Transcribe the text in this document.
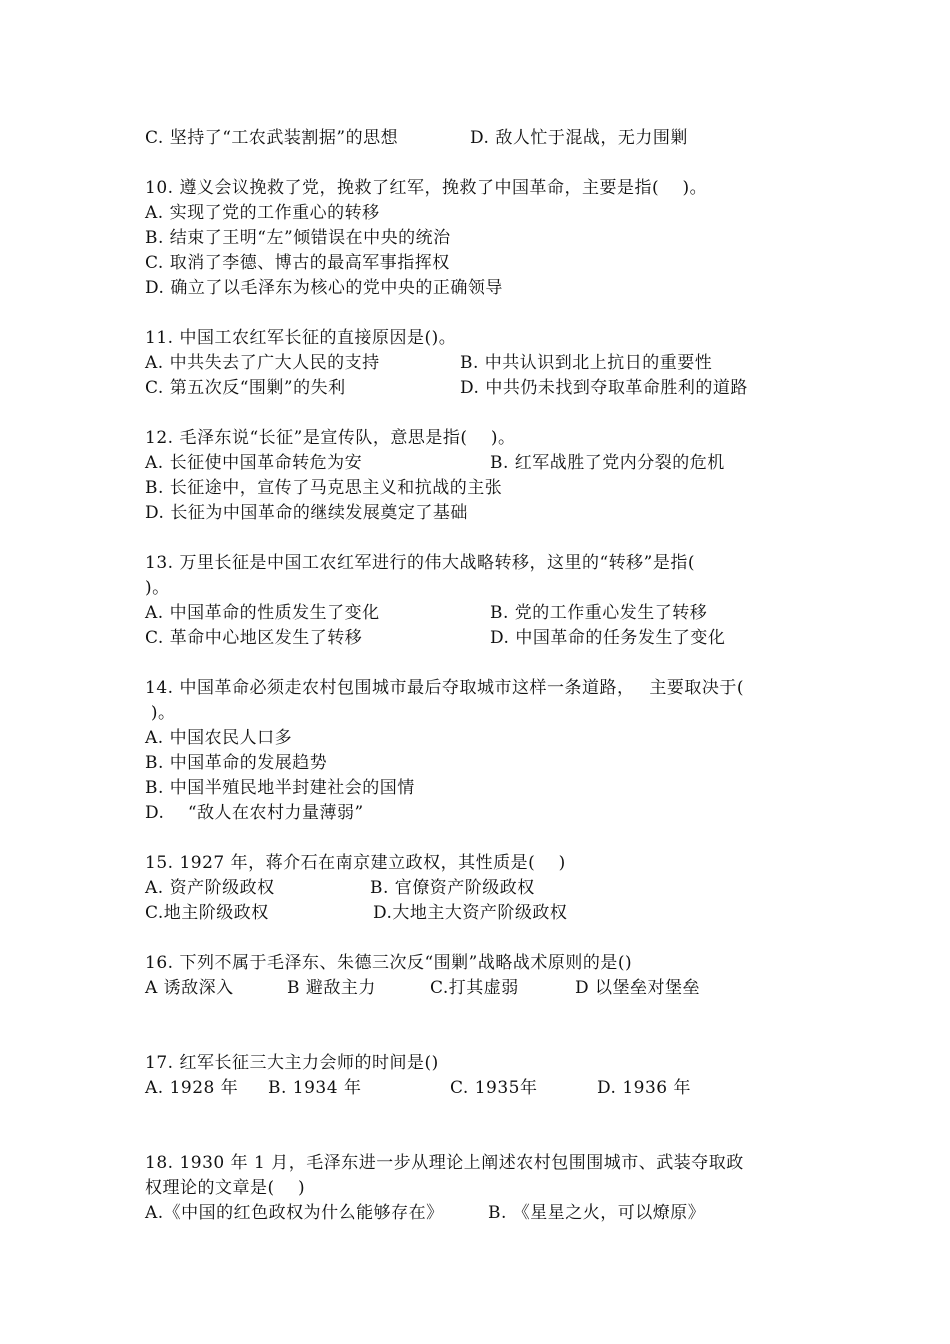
C. 坚持了“工农武装割据”的思想	D. 敌人忙于混战，无力围剿

10. 遵义会议挽救了党，挽救了红军，挽救了中国革命，主要是指(　 )。

A. 实现了党的工作重心的转移

B. 结束了王明“左”倾错误在中央的统治

C. 取消了李德、博古的最高军事指挥权

D. 确立了以毛泽东为核心的党中央的正确领导

11. 中国工农红军长征的直接原因是()。

A. 中共失去了广大人民的支持	B. 中共认识到北上抗日的重要性

C. 第五次反“围剿”的失利	D. 中共仍未找到夺取革命胜利的道路

12. 毛泽东说“长征”是宣传队，意思是指(　 )。

A. 长征使中国革命转危为安	B. 红军战胜了党内分裂的危机

B. 长征途中，宣传了马克思主义和抗战的主张

D. 长征为中国革命的继续发展奠定了基础

13. 万里长征是中国工农红军进行的伟大战略转移，这里的“转移”是指(

)。

A. 中国革命的性质发生了变化	B. 党的工作重心发生了转移

C. 革命中心地区发生了转移	D. 中国革命的任务发生了变化

14. 中国革命必须走农村包围城市最后夺取城市这样一条道路，　 主要取决于(

)。

A. 中国农民人口多

B. 中国革命的发展趋势

B. 中国半殖民地半封建社会的国情

D.　 “敌人在农村力量薄弱”

15. 1927 年，蒋介石在南京建立政权，其性质是(　 )

A. 资产阶级政权	B. 官僚资产阶级政权

C.地主阶级政权	D.大地主大资产阶级政权

16. 下列不属于毛泽东、朱德三次反“围剿”战略战术原则的是()

A 诱敌深入	B 避敌主力	C.打其虚弱	D 以堡垒对堡垒

17. 红军长征三大主力会师的时间是()

A. 1928 年 B. 1934 年	C. 1935年	D. 1936 年

18. 1930 年 1 月，毛泽东进一步从理论上阐述农村包围围城市、武装夺取政

权理论的文章是(　 )

A.《中国的红色政权为什么能够存在》	B. 《星星之火，可以燎原》
